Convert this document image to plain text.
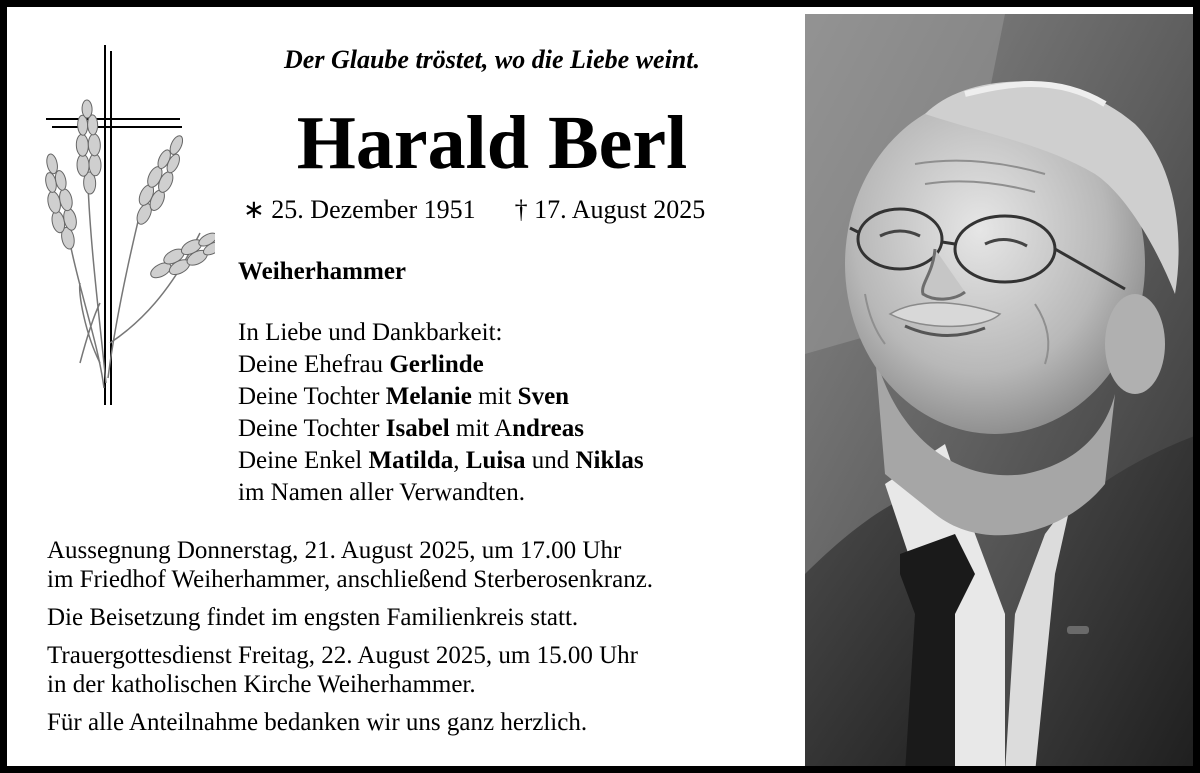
Der Glaube tröstet, wo die Liebe weint.
Harald Berl
∗ 25. Dezember 1951 † 17. August 2025
Weiherhammer
In Liebe und Dankbarkeit:
Deine Ehefrau Gerlinde
Deine Tochter Melanie mit Sven
Deine Tochter Isabel mit Andreas
Deine Enkel Matilda, Luisa und Niklas
im Namen aller Verwandten.

Aussegnung Donnerstag, 21. August 2025, um 17.00 Uhr
im Friedhof Weiherhammer, anschließend Sterberosenkranz.

Die Beisetzung findet im engsten Familienkreis statt.

Trauergottesdienst Freitag, 22. August 2025, um 15.00 Uhr
in der katholischen Kirche Weiherhammer.

Für alle Anteilnahme bedanken wir uns ganz herzlich.
